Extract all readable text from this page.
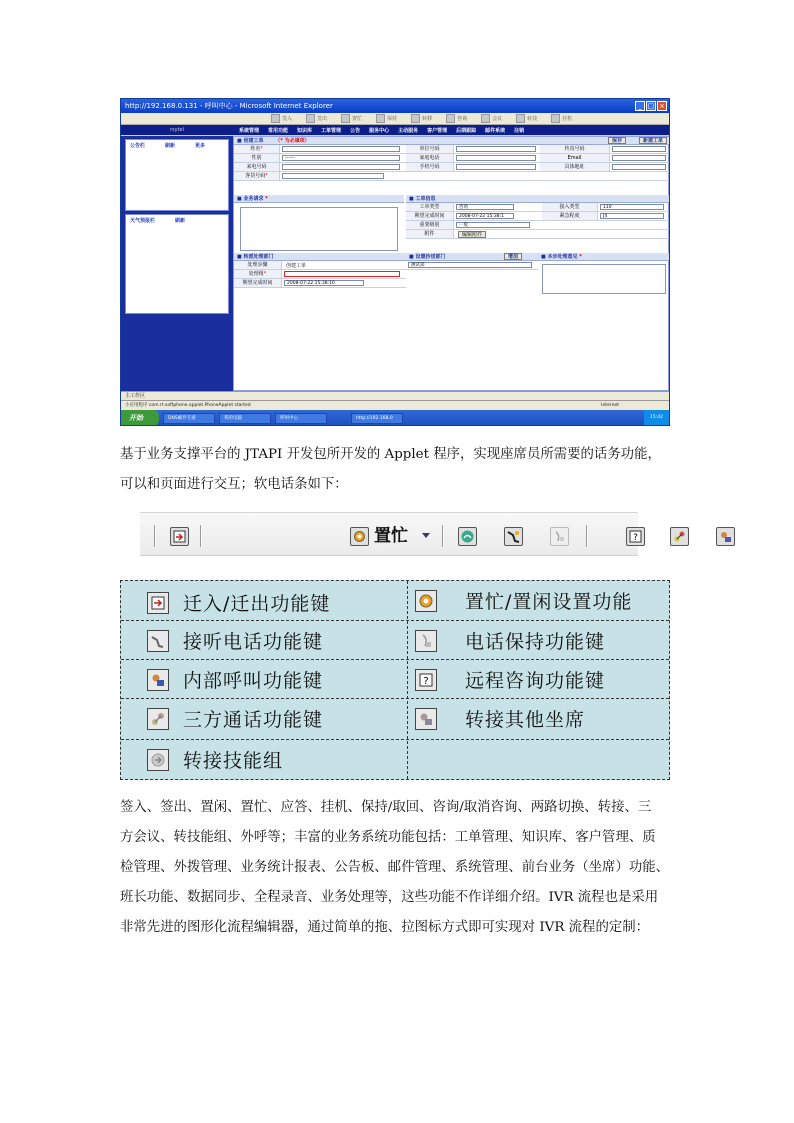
http://192.168.0.131 - 呼叫中心 - Microsoft Internet Explorer	_ □ ×
签入	签出	置忙	保持	转移	咨询	会议	转技	挂机
rsytel	系统管理 常用功能 知识库 工单管理 公告 服务中心 主动服务 客户管理 后期跟踪 邮件系统 注销
公告栏	刷新	更多
天气预报栏	刷新
■ 创建工单 （* 为必填项）	保存	新建工单
姓名*
性别	------
来电号码
客货号码*
单位号码
家庭电话
手机号码
传真号码
Email
具体地址
■ 业务请求 *
■	工单信息
工单类型	咨询	接入类型	110
期望完成时间	2008-07-22 15:38:1	紧急程度	J4
重要级别	一般
附件	编辑附件
■ 转派处理部门
处理步骤	创建工单
处理组*
期望完成时间	2008-07-22 15:38:10
■ 设置抄送部门	增加
测试部
■ 本步处理意见 *
主工作区
小应用程序 com.rt.softphone.applet.PhoneApplet started	Internet
开始	DNS邮件专递	我的电脑	呼叫中心	http://192.168.0	15:42
基于业务支撑平台的 JTAPI 开发包所开发的 Applet 程序，实现座席员所需要的话务功能，
可以和页面进行交互；软电话条如下：
置忙	?
迁入/迁出功能键	置忙/置闲设置功能
接听电话功能键	电话保持功能键
内部呼叫功能键	? 远程咨询功能键
三方通话功能键	转接其他坐席
转接技能组
签入、签出、置闲、置忙、应答、挂机、保持/取回、咨询/取消咨询、两路切换、转接、三
方会议、转技能组、外呼等；丰富的业务系统功能包括：工单管理、知识库、客户管理、质
检管理、外拨管理、业务统计报表、公告板、邮件管理、系统管理、前台业务（坐席）功能、
班长功能、数据同步、全程录音、业务处理等，这些功能不作详细介绍。IVR 流程也是采用
非常先进的图形化流程编辑器，通过简单的拖、拉图标方式即可实现对 IVR 流程的定制：
